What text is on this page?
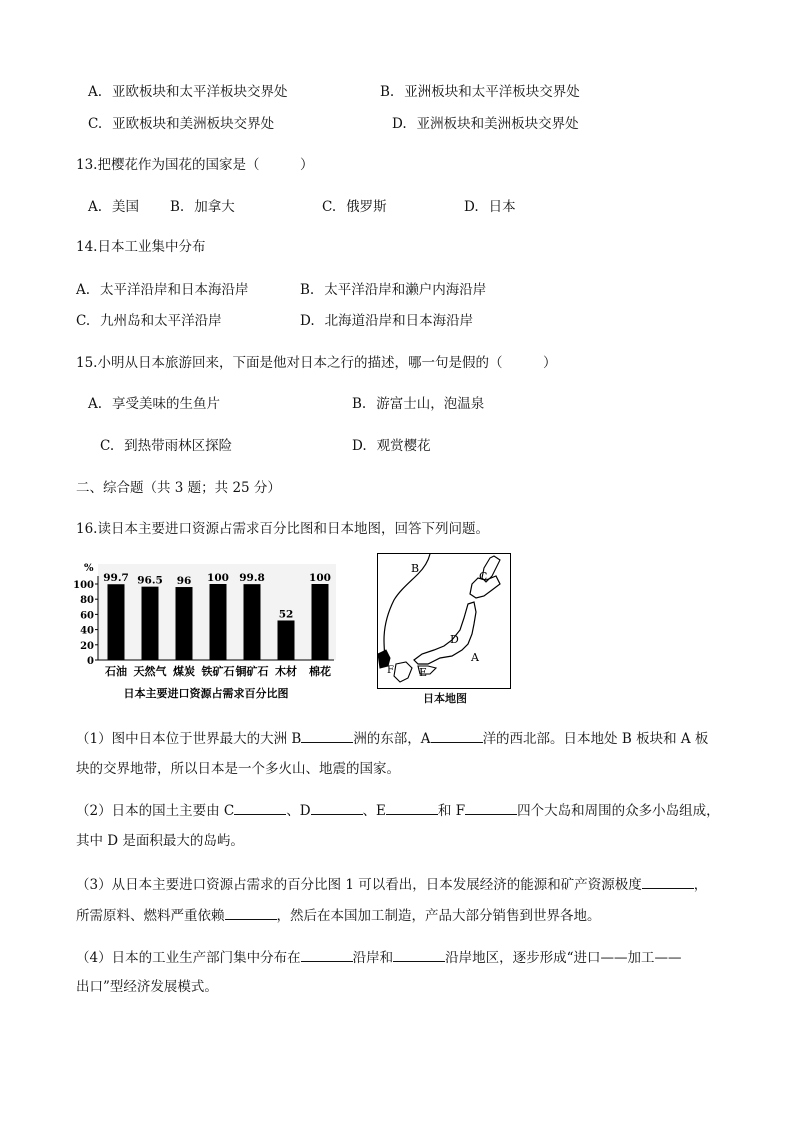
A. 亚欧板块和太平洋板块交界处	B. 亚洲板块和太平洋板块交界处
C. 亚欧板块和美洲板块交界处	D. 亚洲板块和美洲板块交界处
13.把樱花作为国花的国家是（　　　）
A. 美国 B. 加拿大	C. 俄罗斯	D. 日本
14.日本工业集中分布
A. 太平洋沿岸和日本海沿岸	B. 太平洋沿岸和濑户内海沿岸
C. 九州岛和太平洋沿岸	D. 北海道沿岸和日本海沿岸
15.小明从日本旅游回来，下面是他对日本之行的描述，哪一句是假的（　　　）
A. 享受美味的生鱼片	B. 游富士山，泡温泉
C. 到热带雨林区探险	D. 观赏樱花
二、综合题（共 3 题；共 25 分）
16.读日本主要进口资源占需求百分比图和日本地图，回答下列问题。
%
0
20
40
60
80
100
99.7 96.5 96 100 99.8
52
100
石油 天然气 煤炭 铁矿石 铜矿石 木材 棉花
日本主要进口资源占需求百分比图
B
C
D
A
E
F
日本地图
（1）图中日本位于世界最大的大洲 B	洲的东部，A	洋的西北部。日本地处 B 板块和 A 板
块的交界地带，所以日本是一个多火山、地震的国家。
（2）日本的国土主要由 C	、D	、E	和 F	四个大岛和周围的众多小岛组成，
其中 D 是面积最大的岛屿。
（3）从日本主要进口资源占需求的百分比图 1 可以看出，日本发展经济的能源和矿产资源极度	，
所需原料、燃料严重依赖	，然后在本国加工制造，产品大部分销售到世界各地。
（4）日本的工业生产部门集中分布在	沿岸和	沿岸地区，逐步形成“进口——加工——
出口”型经济发展模式。
